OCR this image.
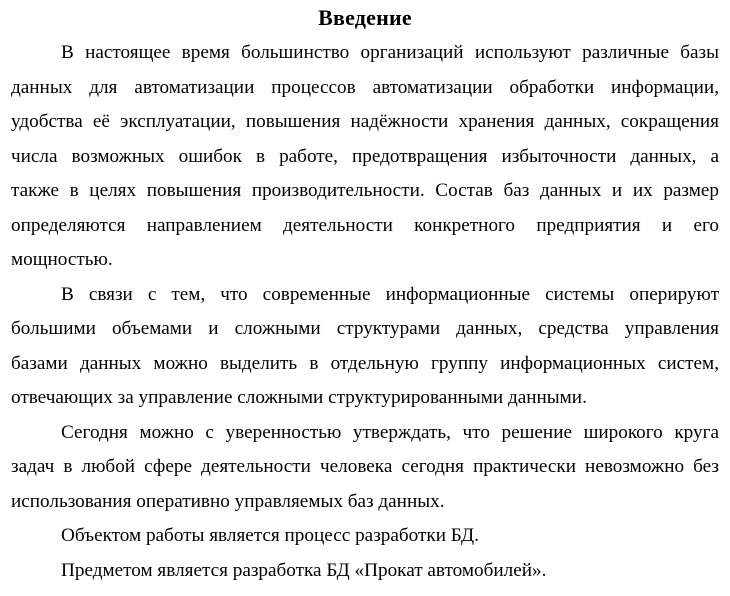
Введение
В настоящее время большинство организаций используют различные базы
данных для автоматизации процессов автоматизации обработки информации,
удобства её эксплуатации, повышения надёжности хранения данных, сокращения
числа возможных ошибок в работе, предотвращения избыточности данных, а
также в целях повышения производительности. Состав баз данных и их размер
определяются направлением деятельности конкретного предприятия и его
мощностью.
В связи с тем, что современные информационные системы оперируют
большими объемами и сложными структурами данных, средства управления
базами данных можно выделить в отдельную группу информационных систем,
отвечающих за управление сложными структурированными данными.
Сегодня можно с уверенностью утверждать, что решение широкого круга
задач в любой сфере деятельности человека сегодня практически невозможно без
использования оперативно управляемых баз данных.
Объектом работы является процесс разработки БД.
Предметом является разработка БД «Прокат автомобилей».
